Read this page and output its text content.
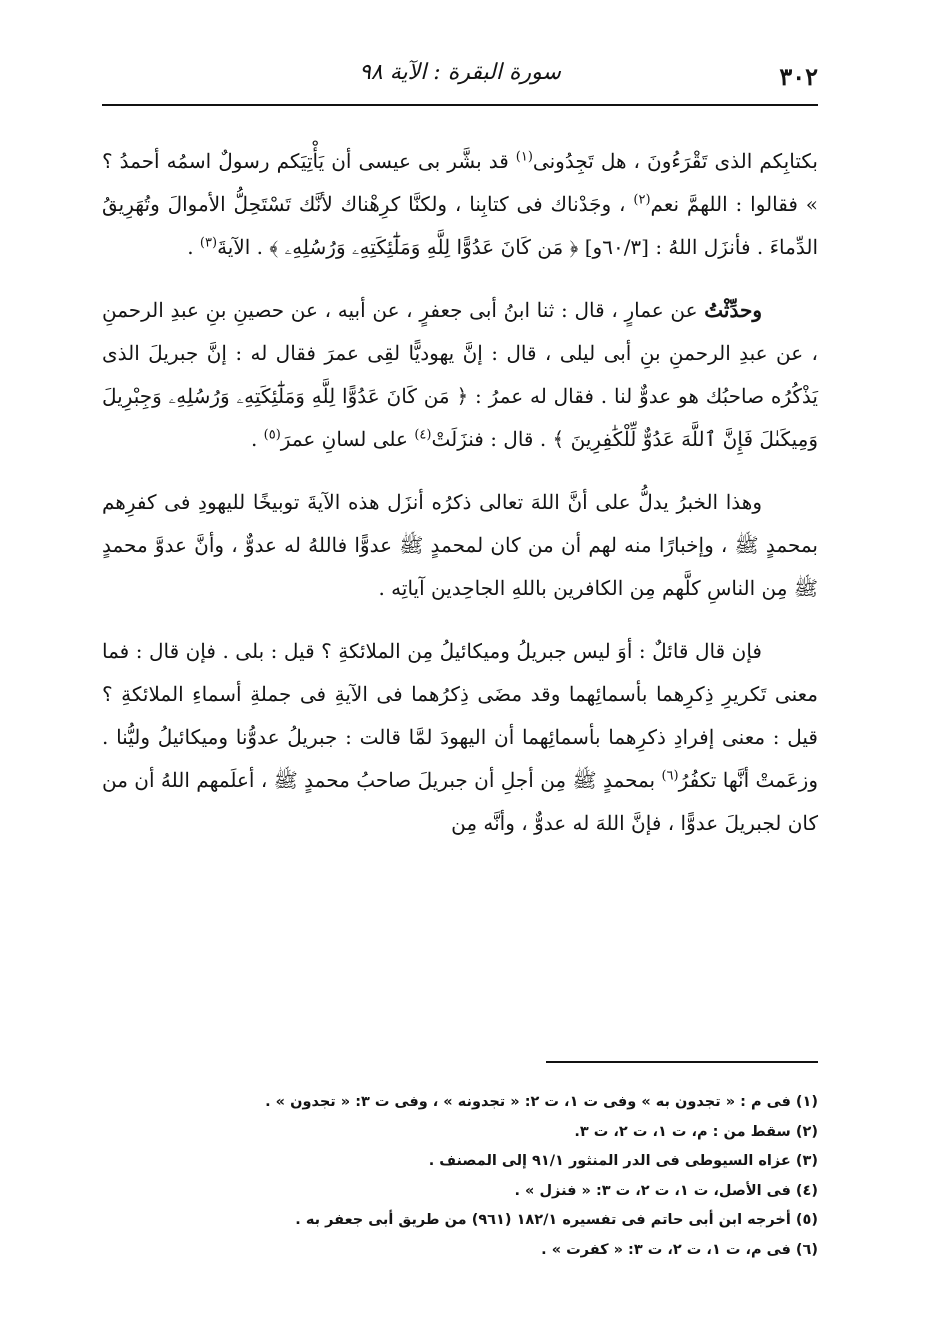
٣٠٢
سورة البقرة : الآية ٩٨

بكتابِكم الذى تَقْرَءُونَ ، هل تَجِدُونى$^{(١)}$ قد بشَّر بى عيسى أن يَأْتِيَكم رسولٌ اسمُه أحمدُ ؟ » فقالوا : اللهمَّ نعم$^{(٢)}$ ، وجَدْناك فى كتابِنا ، ولكنَّا كرِهْناك لأنَّك تَسْتَحِلُّ الأموالَ وتُهَرِيقُ الدِّماءَ . فأنزَل اللهُ : [٦٠/٣و] ﴿ مَن كَانَ عَدُوًّا لِلَّهِ وَمَلَٰٓئِكَتِهِۦ وَرُسُلِهِۦ ﴾ . الآيةَ$^{(٣)}$ .

وحدِّثْتُ عن عمارٍ ، قال : ثنا ابنُ أبى جعفرٍ ، عن أبيه ، عن حصينِ بنِ عبدِ الرحمنِ ، عن عبدِ الرحمنِ بنِ أبى ليلى ، قال : إنَّ يهوديًّا لقِى عمرَ فقال له : إنَّ جبريلَ الذى يَذْكُرُه صاحبُك هو عدوٌّ لنا . فقال له عمرُ : ﴿ مَن كَانَ عَدُوًّا لِلَّهِ وَمَلَٰٓئِكَتِهِۦ وَرُسُلِهِۦ وَجِبْرِيلَ وَمِيكَىٰلَ فَإِنَّ ٱللَّهَ عَدُوٌّ لِّلْكَٰفِرِينَ ﴾ . قال : فنزَلَتْ$^{(٤)}$ على لسانِ عمرَ$^{(٥)}$ .

وهذا الخبرُ يدلُّ على أنَّ اللهَ تعالى ذكرُه أنزَل هذه الآيةَ توبيخًا لليهودِ فى كفرِهم بمحمدٍ ﷺ ، وإخبارًا منه لهم أن من كان لمحمدٍ ﷺ عدوًّا فاللهُ له عدوٌّ ، وأنَّ عدوَّ محمدٍ ﷺ مِن الناسِ كلَّهم مِن الكافرين باللهِ الجاحِدين آياتِه .

فإن قال قائلٌ : أوَ ليس جبريلُ وميكائيلُ مِن الملائكةِ ؟ قيل : بلى . فإن قال : فما معنى تَكريرِ ذِكرِهما بأسمائِهما وقد مضَى ذِكرُهما فى الآيةِ فى جملةِ أسماءِ الملائكةِ ؟ قيل : معنى إفرادِ ذكرِهما بأسمائِهما أن اليهودَ لمَّا قالت : جبريلُ عدوُّنا وميكائيلُ وليُّنا . وزعَمتْ أنَّها تكفُرُ$^{(٦)}$ بمحمدٍ ﷺ مِن أجلِ أن جبريلَ صاحبُ محمدٍ ﷺ ، أعلَمهم اللهُ أن من كان لجبريلَ عدوًّا ، فإنَّ اللهَ له عدوٌّ ، وأنَّه مِن

(١) فى م : « تجدون به » وفى ت ١، ت ٢: « تجدونه » ، وفى ت ٣: « تجدون » .
(٢) سقط من : م، ت ١، ت ٢، ت ٣.
(٣) عزاه السيوطى فى الدر المنثور ٩١/١ إلى المصنف .
(٤) فى الأصل، ت ١، ت ٢، ت ٣: « فنزل » .
(٥) أخرجه ابن أبى حاتم فى تفسيره ١٨٢/١ (٩٦١) من طريق أبى جعفر به .
(٦) فى م، ت ١، ت ٢، ت ٣: « كفرت » .
